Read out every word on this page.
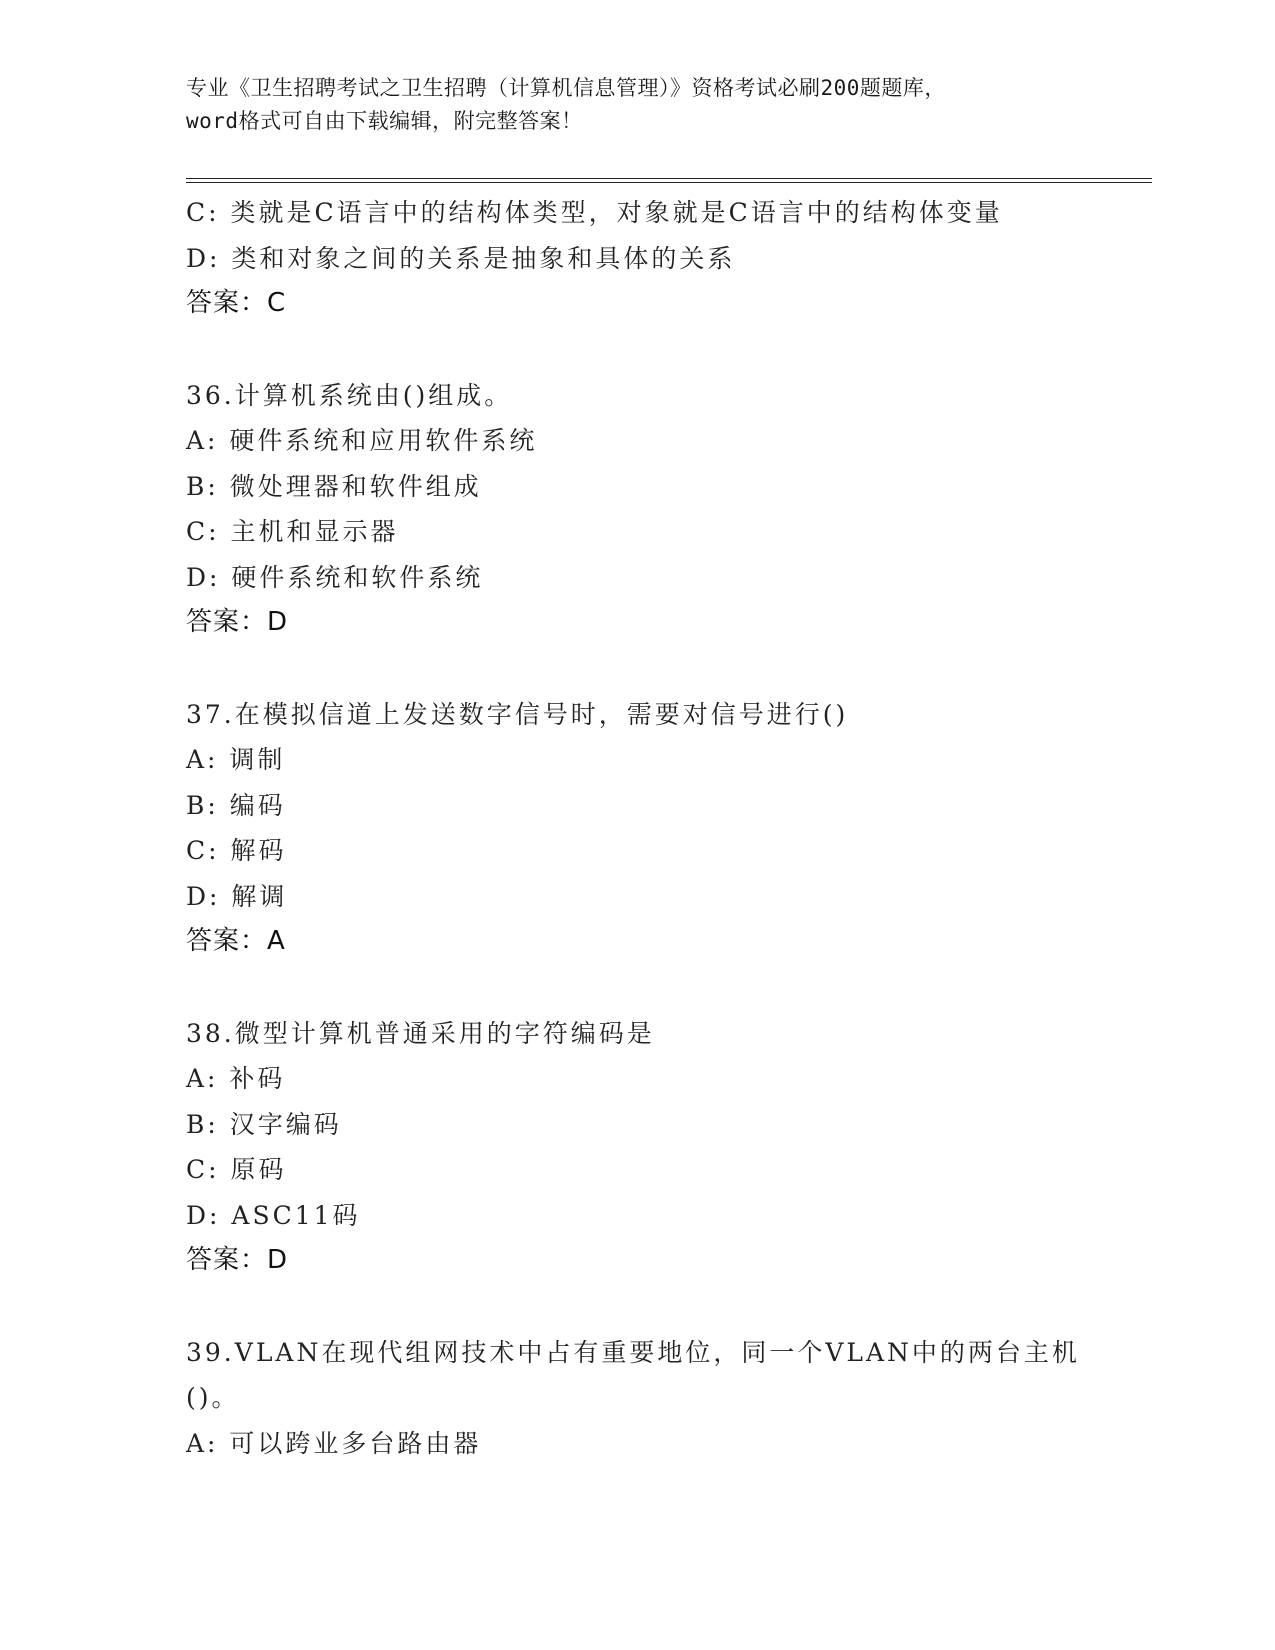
专业《卫生招聘考试之卫生招聘（计算机信息管理）》资格考试必刷200题题库，
word格式可自由下载编辑，附完整答案！
C: 类就是C语言中的结构体类型，对象就是C语言中的结构体变量
D: 类和对象之间的关系是抽象和具体的关系
答案：C
36.计算机系统由()组成。
A: 硬件系统和应用软件系统
B: 微处理器和软件组成
C: 主机和显示器
D: 硬件系统和软件系统
答案：D
37.在模拟信道上发送数字信号时，需要对信号进行()
A: 调制
B: 编码
C: 解码
D: 解调
答案：A
38.微型计算机普通采用的字符编码是
A: 补码
B: 汉字编码
C: 原码
D: ASC11码
答案：D
39.VLAN在现代组网技术中占有重要地位，同一个VLAN中的两台主机
()。
A: 可以跨业多台路由器
